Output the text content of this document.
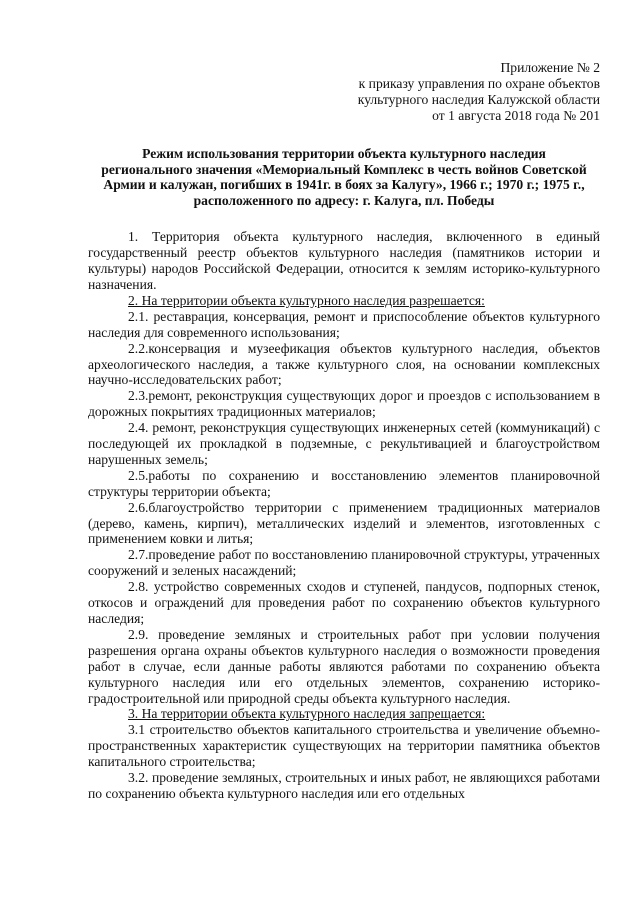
Приложение № 2
к приказу управления по охране объектов
культурного наследия Калужской области
от 1 августа 2018 года № 201
Режим использования территории объекта культурного наследия
регионального значения «Мемориальный Комплекс в честь войнов Советской
Армии и калужан, погибших в 1941г. в боях за Калугу», 1966 г.; 1970 г.; 1975 г.,
расположенного по адресу: г. Калуга, пл. Победы

1. Территория объекта культурного наследия, включенного в единый государственный реестр объектов культурного наследия (памятников истории и культуры) народов Российской Федерации, относится к землям историко-культурного назначения.

2. На территории объекта культурного наследия разрешается:

2.1. реставрация, консервация, ремонт и приспособление объектов культурного наследия для современного использования;

2.2.консервация и музеефикация объектов культурного наследия, объектов археологического наследия, а также культурного слоя, на основании комплексных научно-исследовательских работ;

2.3.ремонт, реконструкция существующих дорог и проездов с использованием в дорожных покрытиях традиционных материалов;

2.4. ремонт, реконструкция существующих инженерных сетей (коммуникаций) с последующей их прокладкой в подземные, с рекультивацией и благоустройством нарушенных земель;

2.5.работы по сохранению и восстановлению элементов планировочной структуры территории объекта;

2.6.благоустройство территории с применением традиционных материалов (дерево, камень, кирпич), металлических изделий и элементов, изготовленных с применением ковки и литья;

2.7.проведение работ по восстановлению планировочной структуры, утраченных сооружений и зеленых насаждений;

2.8. устройство современных сходов и ступеней, пандусов, подпорных стенок, откосов и ограждений для проведения работ по сохранению объектов культурного наследия;

2.9. проведение земляных и строительных работ при условии получения разрешения органа охраны объектов культурного наследия о возможности проведения работ в случае, если данные работы являются работами по сохранению объекта культурного наследия или его отдельных элементов, сохранению историко-градостроительной или природной среды объекта культурного наследия.

3. На территории объекта культурного наследия запрещается:

3.1 строительство объектов капитального строительства и увеличение объемно-пространственных характеристик существующих на территории памятника объектов капитального строительства;

3.2. проведение земляных, строительных и иных работ, не являющихся работами по сохранению объекта культурного наследия или его отдельных
